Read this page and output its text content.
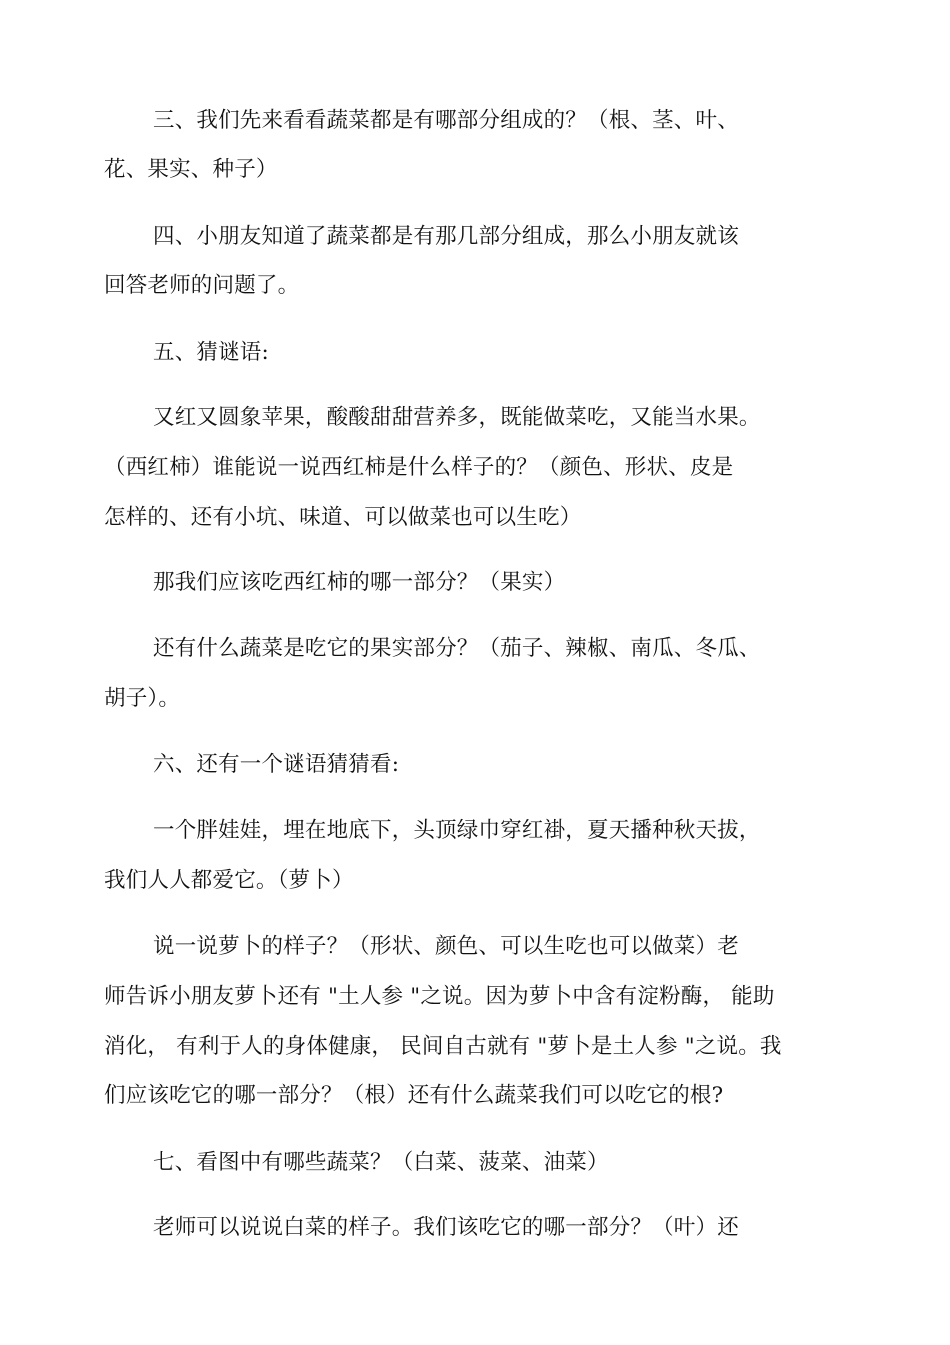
三、我们先来看看蔬菜都是有哪部分组成的？（根、茎、叶、
花、果实、种子）
四、小朋友知道了蔬菜都是有那几部分组成，那么小朋友就该
回答老师的问题了。
五、猜谜语:
又红又圆象苹果，酸酸甜甜营养多，既能做菜吃，又能当水果。
（西红柿）谁能说一说西红柿是什么样子的？（颜色、形状、皮是
怎样的、还有小坑、味道、可以做菜也可以生吃）
那我们应该吃西红柿的哪一部分？（果实）
还有什么蔬菜是吃它的果实部分？（茄子、辣椒、南瓜、冬瓜、
胡子）。
六、还有一个谜语猜猜看:
一个胖娃娃，埋在地底下，头顶绿巾穿红褂，夏天播种秋天拔，
我们人人都爱它。（萝卜）
说一说萝卜的样子？（形状、颜色、可以生吃也可以做菜）老
师告诉小朋友萝卜还有 "土人参 "之说。因为萝卜中含有淀粉酶， 能助
消化， 有利于人的身体健康， 民间自古就有 "萝卜是土人参 "之说。我
们应该吃它的哪一部分？（根）还有什么蔬菜我们可以吃它的根?
七、看图中有哪些蔬菜？（白菜、菠菜、油菜）
老师可以说说白菜的样子。我们该吃它的哪一部分？（叶）还
